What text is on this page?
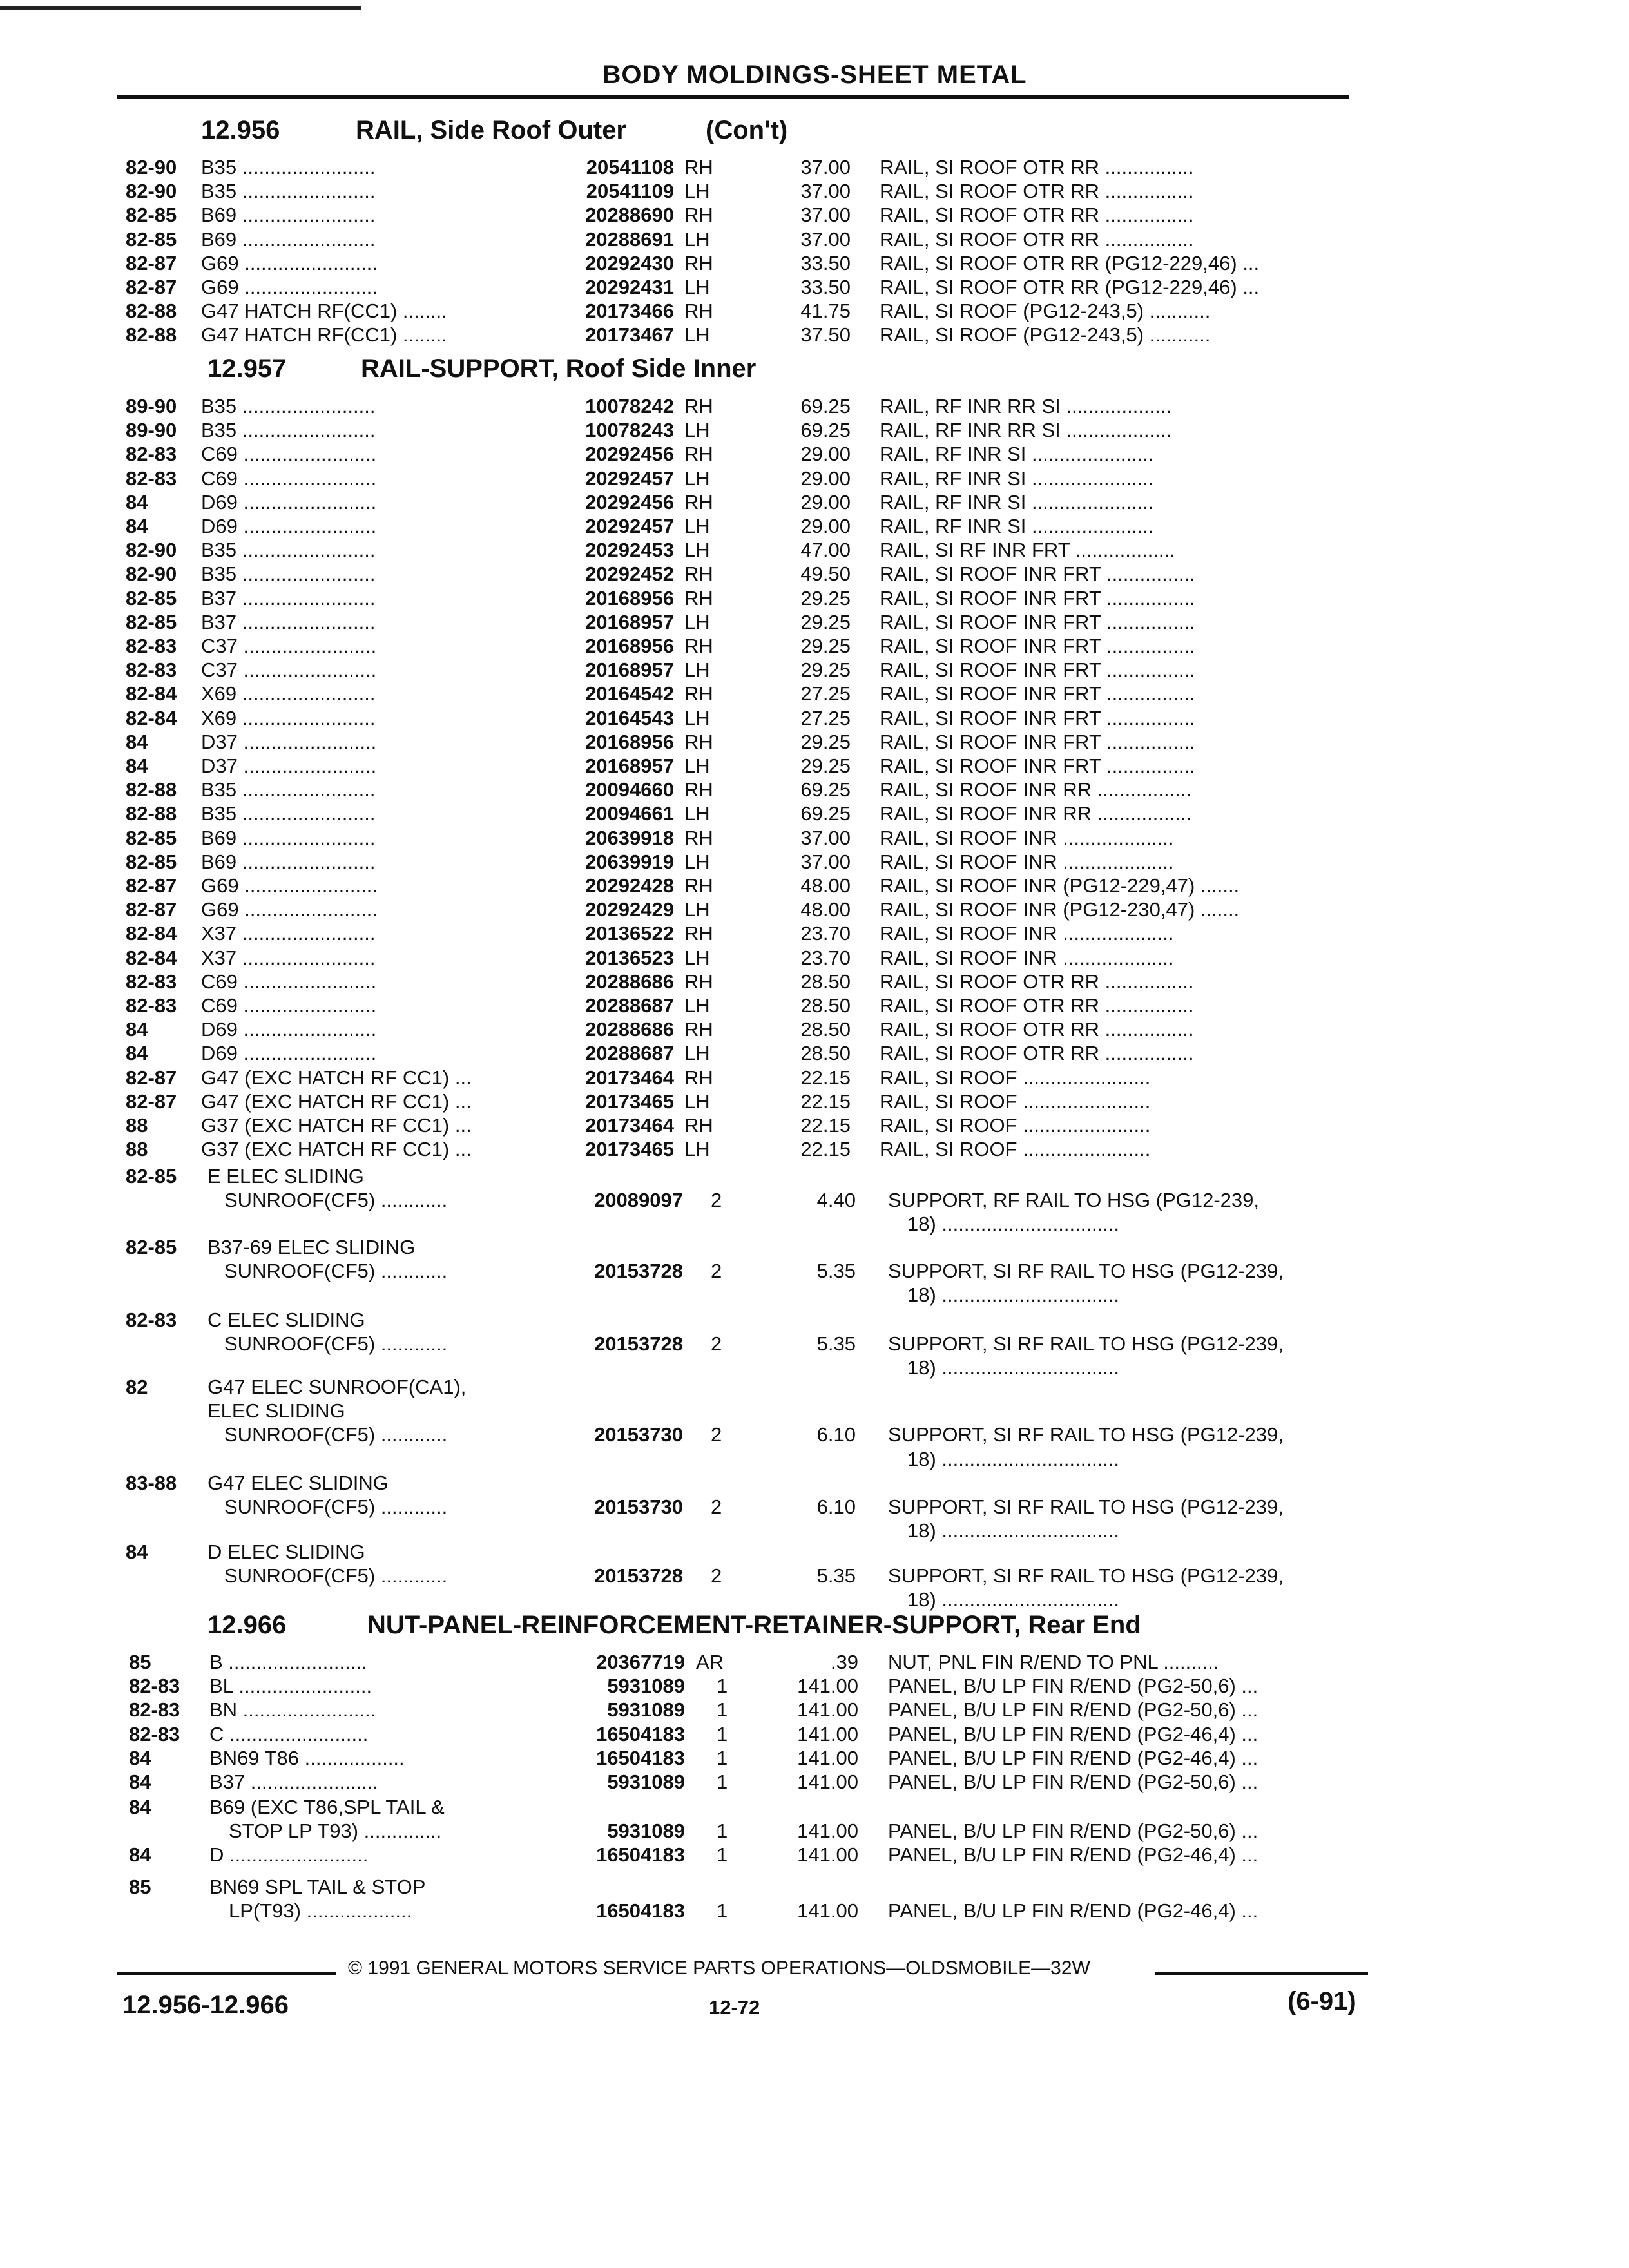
BODY MOLDINGS-SHEET METAL
12.956	RAIL, Side Roof Outer	(Con't)
82-90 B35 ........................	20541108 RH	37.00 RAIL, SI ROOF OTR RR ................
82-90 B35 ........................	20541109 LH	37.00 RAIL, SI ROOF OTR RR ................
82-85 B69 ........................	20288690 RH	37.00 RAIL, SI ROOF OTR RR ................
82-85 B69 ........................	20288691 LH	37.00 RAIL, SI ROOF OTR RR ................
82-87 G69 ........................	20292430 RH	33.50 RAIL, SI ROOF OTR RR (PG12-229,46) ...
82-87 G69 ........................	20292431 LH	33.50 RAIL, SI ROOF OTR RR (PG12-229,46) ...
82-88 G47 HATCH RF(CC1) ........	20173466 RH	41.75 RAIL, SI ROOF (PG12-243,5) ...........
82-88 G47 HATCH RF(CC1) ........	20173467 LH	37.50 RAIL, SI ROOF (PG12-243,5) ...........
12.957	RAIL-SUPPORT, Roof Side Inner
89-90 B35 ........................	10078242 RH	69.25 RAIL, RF INR RR SI ...................
89-90 B35 ........................	10078243 LH	69.25 RAIL, RF INR RR SI ...................
82-83 C69 ........................	20292456 RH	29.00 RAIL, RF INR SI ......................
82-83 C69 ........................	20292457 LH	29.00 RAIL, RF INR SI ......................
84	D69 ........................	20292456 RH	29.00 RAIL, RF INR SI ......................
84	D69 ........................	20292457 LH	29.00 RAIL, RF INR SI ......................
82-90 B35 ........................	20292453 LH	47.00 RAIL, SI RF INR FRT ..................
82-90 B35 ........................	20292452 RH	49.50 RAIL, SI ROOF INR FRT ................
82-85 B37 ........................	20168956 RH	29.25 RAIL, SI ROOF INR FRT ................
82-85 B37 ........................	20168957 LH	29.25 RAIL, SI ROOF INR FRT ................
82-83 C37 ........................	20168956 RH	29.25 RAIL, SI ROOF INR FRT ................
82-83 C37 ........................	20168957 LH	29.25 RAIL, SI ROOF INR FRT ................
82-84 X69 ........................	20164542 RH	27.25 RAIL, SI ROOF INR FRT ................
82-84 X69 ........................	20164543 LH	27.25 RAIL, SI ROOF INR FRT ................
84	D37 ........................	20168956 RH	29.25 RAIL, SI ROOF INR FRT ................
84	D37 ........................	20168957 LH	29.25 RAIL, SI ROOF INR FRT ................
82-88 B35 ........................	20094660 RH	69.25 RAIL, SI ROOF INR RR .................
82-88 B35 ........................	20094661 LH	69.25 RAIL, SI ROOF INR RR .................
82-85 B69 ........................	20639918 RH	37.00 RAIL, SI ROOF INR ....................
82-85 B69 ........................	20639919 LH	37.00 RAIL, SI ROOF INR ....................
82-87 G69 ........................	20292428 RH	48.00 RAIL, SI ROOF INR (PG12-229,47) .......
82-87 G69 ........................	20292429 LH	48.00 RAIL, SI ROOF INR (PG12-230,47) .......
82-84 X37 ........................	20136522 RH	23.70 RAIL, SI ROOF INR ....................
82-84 X37 ........................	20136523 LH	23.70 RAIL, SI ROOF INR ....................
82-83 C69 ........................	20288686 RH	28.50 RAIL, SI ROOF OTR RR ................
82-83 C69 ........................	20288687 LH	28.50 RAIL, SI ROOF OTR RR ................
84	D69 ........................	20288686 RH	28.50 RAIL, SI ROOF OTR RR ................
84	D69 ........................	20288687 LH	28.50 RAIL, SI ROOF OTR RR ................
82-87 G47 (EXC HATCH RF CC1) ...	20173464 RH	22.15 RAIL, SI ROOF .......................
82-87 G47 (EXC HATCH RF CC1) ...	20173465 LH	22.15 RAIL, SI ROOF .......................
88	G37 (EXC HATCH RF CC1) ...	20173464 RH	22.15 RAIL, SI ROOF .......................
88	G37 (EXC HATCH RF CC1) ...	20173465 LH	22.15 RAIL, SI ROOF .......................
82-85 E ELEC SLIDING
SUNROOF(CF5) ............	20089097 2	4.40 SUPPORT, RF RAIL TO HSG (PG12-239,
18) ................................
82-85 B37-69 ELEC SLIDING
SUNROOF(CF5) ............	20153728 2	5.35 SUPPORT, SI RF RAIL TO HSG (PG12-239,
18) ................................
82-83 C ELEC SLIDING
SUNROOF(CF5) ............	20153728 2	5.35 SUPPORT, SI RF RAIL TO HSG (PG12-239,
18) ................................
82	G47 ELEC SUNROOF(CA1),
ELEC SLIDING
SUNROOF(CF5) ............	20153730 2	6.10 SUPPORT, SI RF RAIL TO HSG (PG12-239,
18) ................................
83-88 G47 ELEC SLIDING
SUNROOF(CF5) ............	20153730 2	6.10 SUPPORT, SI RF RAIL TO HSG (PG12-239,
18) ................................
84	D ELEC SLIDING
SUNROOF(CF5) ............	20153728 2	5.35 SUPPORT, SI RF RAIL TO HSG (PG12-239,
18) ................................
12.966	NUT-PANEL-REINFORCEMENT-RETAINER-SUPPORT, Rear End
85	B .........................	20367719 AR	.39 NUT, PNL FIN R/END TO PNL ..........
82-83 BL ........................	5931089 1	141.00 PANEL, B/U LP FIN R/END (PG2-50,6) ...
82-83 BN ........................	5931089 1	141.00 PANEL, B/U LP FIN R/END (PG2-50,6) ...
82-83 C .........................	16504183 1	141.00 PANEL, B/U LP FIN R/END (PG2-46,4) ...
84	BN69 T86 ..................	16504183 1	141.00 PANEL, B/U LP FIN R/END (PG2-46,4) ...
84	B37 .......................	5931089 1	141.00 PANEL, B/U LP FIN R/END (PG2-50,6) ...
84	B69 (EXC T86,SPL TAIL &
STOP LP T93) ..............	5931089 1	141.00 PANEL, B/U LP FIN R/END (PG2-50,6) ...
84	D .........................	16504183 1	141.00 PANEL, B/U LP FIN R/END (PG2-46,4) ...
85	BN69 SPL TAIL & STOP
LP(T93) ...................	16504183 1	141.00 PANEL, B/U LP FIN R/END (PG2-46,4) ...
© 1991 GENERAL MOTORS SERVICE PARTS OPERATIONS—OLDSMOBILE—32W
12.956-12.966	12-72	(6-91)
